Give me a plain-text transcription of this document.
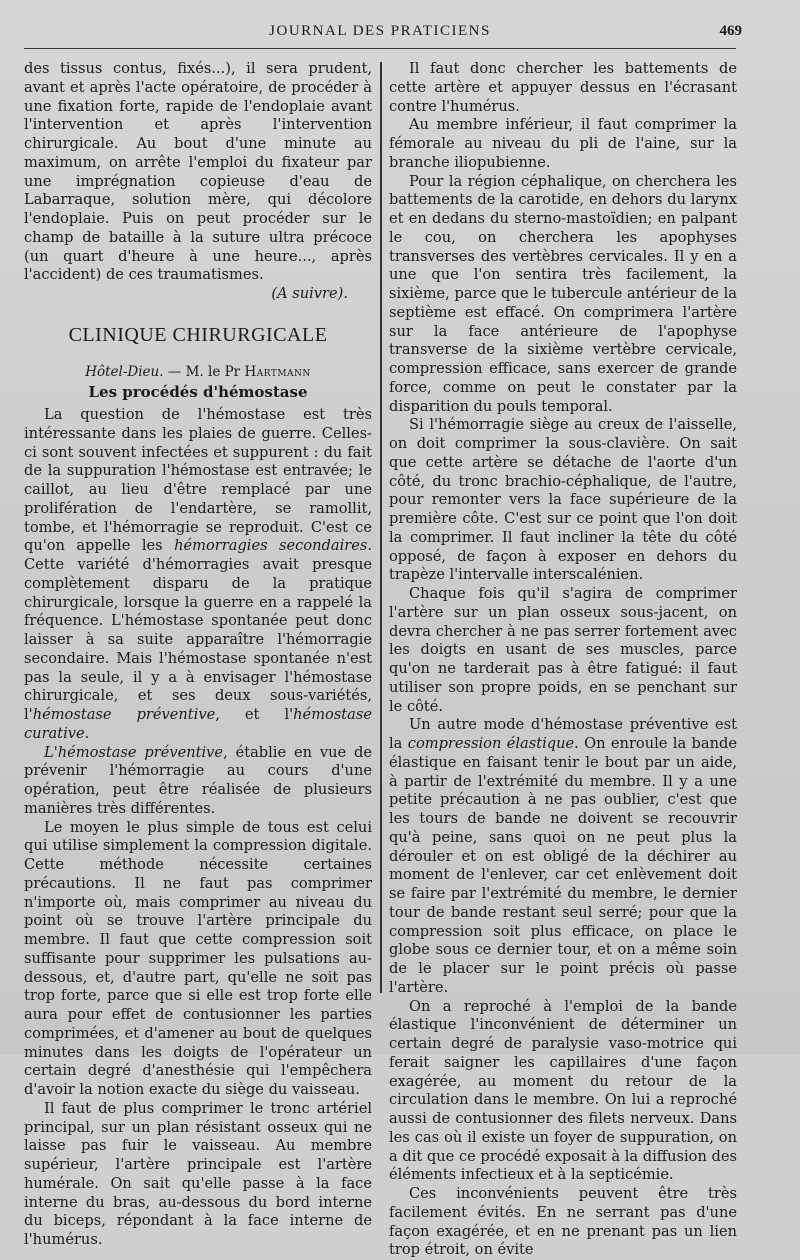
JOURNAL DES PRATICIENS	469

des tissus contus, fixés...), il sera prudent, avant et après l'acte opératoire, de procéder à une fixation forte, rapide de l'endoplaie avant l'intervention et après l'intervention chirurgicale. Au bout d'une minute au maximum, on arrête l'emploi du fixateur par une imprégnation copieuse d'eau de Labarraque, solution mère, qui décolore l'endoplaie. Puis on peut procéder sur le champ de bataille à la suture ultra précoce (un quart d'heure à une heure..., après l'accident) de ces traumatismes.

(A suivre).

CLINIQUE CHIRURGICALE
Hôtel-Dieu. — M. le Pr Hartmann
Les procédés d'hémostase

La question de l'hémostase est très intéressante dans les plaies de guerre. Celles-ci sont souvent infectées et suppurent : du fait de la suppuration l'hémostase est entravée; le caillot, au lieu d'être remplacé par une prolifération de l'endartère, se ramollit, tombe, et l'hémorragie se reproduit. C'est ce qu'on appelle les hémorragies secondaires. Cette variété d'hémorragies avait presque complètement disparu de la pratique chirurgicale, lorsque la guerre en a rappelé la fréquence. L'hémostase spontanée peut donc laisser à sa suite apparaître l'hémorragie secondaire. Mais l'hémostase spontanée n'est pas la seule, il y a à envisager l'hémostase chirurgicale, et ses deux sous-variétés, l'hémostase préventive, et l'hémostase curative.

L'hémostase préventive, établie en vue de prévenir l'hémorragie au cours d'une opération, peut être réalisée de plusieurs manières très différentes.

Le moyen le plus simple de tous est celui qui utilise simplement la compression digitale. Cette méthode nécessite certaines précautions. Il ne faut pas comprimer n'importe où, mais comprimer au niveau du point où se trouve l'artère principale du membre. Il faut que cette compression soit suffisante pour supprimer les pulsations au-dessous, et, d'autre part, qu'elle ne soit pas trop forte, parce que si elle est trop forte elle aura pour effet de contusionner les parties comprimées, et d'amener au bout de quelques minutes dans les doigts de l'opérateur un certain degré d'anesthésie qui l'empêchera d'avoir la notion exacte du siège du vaisseau.

Il faut de plus comprimer le tronc artériel principal, sur un plan résistant osseux qui ne laisse pas fuir le vaisseau. Au membre supérieur, l'artère principale est l'artère humérale. On sait qu'elle passe à la face interne du bras, au-dessous du bord interne du biceps, répondant à la face interne de l'humérus.

Il faut donc chercher les battements de cette artère et appuyer dessus en l'écrasant contre l'humérus.

Au membre inférieur, il faut comprimer la fémorale au niveau du pli de l'aine, sur la branche iliopubienne.

Pour la région céphalique, on cherchera les battements de la carotide, en dehors du larynx et en dedans du sterno-mastoïdien; en palpant le cou, on cherchera les apophyses transverses des vertèbres cervicales. Il y en a une que l'on sentira très facilement, la sixième, parce que le tubercule antérieur de la septième est effacé. On comprimera l'artère sur la face antérieure de l'apophyse transverse de la sixième vertèbre cervicale, compression efficace, sans exercer de grande force, comme on peut le constater par la disparition du pouls temporal.

Si l'hémorragie siège au creux de l'aisselle, on doit comprimer la sous-clavière. On sait que cette artère se détache de l'aorte d'un côté, du tronc brachio-céphalique, de l'autre, pour remonter vers la face supérieure de la première côte. C'est sur ce point que l'on doit la comprimer. Il faut incliner la tête du côté opposé, de façon à exposer en dehors du trapèze l'intervalle interscalénien.

Chaque fois qu'il s'agira de comprimer l'artère sur un plan osseux sous-jacent, on devra chercher à ne pas serrer fortement avec les doigts en usant de ses muscles, parce qu'on ne tarderait pas à être fatigué: il faut utiliser son propre poids, en se penchant sur le côté.

Un autre mode d'hémostase préventive est la compression élastique. On enroule la bande élastique en faisant tenir le bout par un aide, à partir de l'extrémité du membre. Il y a une petite précaution à ne pas oublier, c'est que les tours de bande ne doivent se recouvrir qu'à peine, sans quoi on ne peut plus la dérouler et on est obligé de la déchirer au moment de l'enlever, car cet enlèvement doit se faire par l'extrémité du membre, le dernier tour de bande restant seul serré; pour que la compression soit plus efficace, on place le globe sous ce dernier tour, et on a même soin de le placer sur le point précis où passe l'artère.

On a reproché à l'emploi de la bande élastique l'inconvénient de déterminer un certain degré de paralysie vaso-motrice qui ferait saigner les capillaires d'une façon exagérée, au moment du retour de la circulation dans le membre. On lui a reproché aussi de contusionner des filets nerveux. Dans les cas où il existe un foyer de suppuration, on a dit que ce procédé exposait à la diffusion des éléments infectieux et à la septicémie.

Ces inconvénients peuvent être très facilement évités. En ne serrant pas d'une façon exagérée, et en ne prenant pas un lien trop étroit, on évite
